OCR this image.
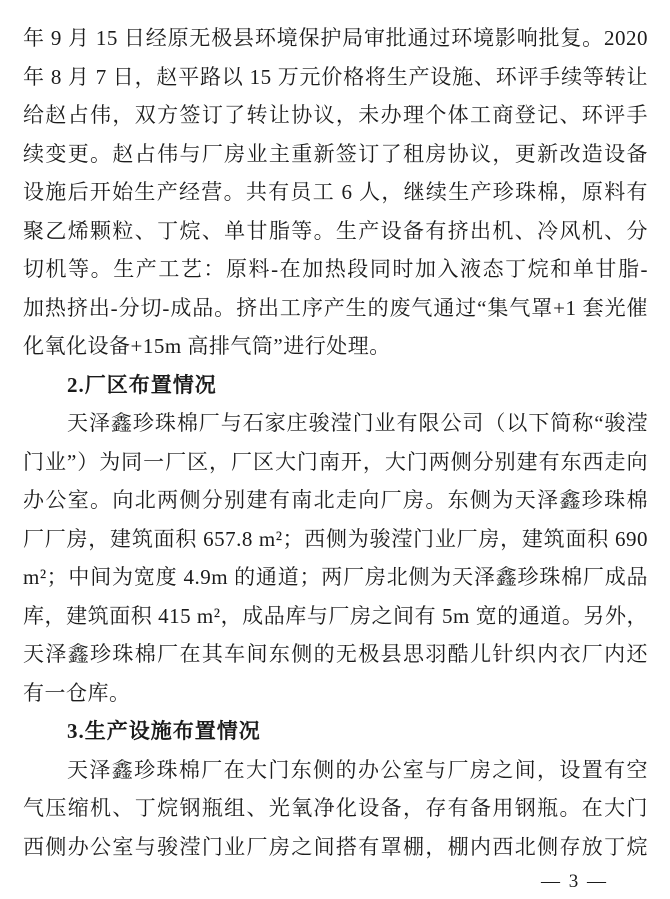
年 9 月 15 日经原无极县环境保护局审批通过环境影响批复。2020
年 8 月 7 日，赵平路以 15 万元价格将生产设施、环评手续等转让
给赵占伟，双方签订了转让协议，未办理个体工商登记、环评手
续变更。赵占伟与厂房业主重新签订了租房协议，更新改造设备
设施后开始生产经营。共有员工 6 人，继续生产珍珠棉，原料有
聚乙烯颗粒、丁烷、单甘脂等。生产设备有挤出机、冷风机、分
切机等。生产工艺：原料-在加热段同时加入液态丁烷和单甘脂-
加热挤出-分切-成品。挤出工序产生的废气通过“集气罩+1 套光催
化氧化设备+15m 高排气筒”进行处理。
2.厂区布置情况
天泽鑫珍珠棉厂与石家庄骏滢门业有限公司（以下简称“骏滢
门业”）为同一厂区，厂区大门南开，大门两侧分别建有东西走向
办公室。向北两侧分别建有南北走向厂房。东侧为天泽鑫珍珠棉
厂厂房，建筑面积 657.8 m²；西侧为骏滢门业厂房，建筑面积 690
m²；中间为宽度 4.9m 的通道；两厂房北侧为天泽鑫珍珠棉厂成品
库，建筑面积 415 m²，成品库与厂房之间有 5m 宽的通道。另外，
天泽鑫珍珠棉厂在其车间东侧的无极县思羽酷儿针织内衣厂内还
有一仓库。
3.生产设施布置情况
天泽鑫珍珠棉厂在大门东侧的办公室与厂房之间，设置有空
气压缩机、丁烷钢瓶组、光氧净化设备，存有备用钢瓶。在大门
西侧办公室与骏滢门业厂房之间搭有罩棚，棚内西北侧存放丁烷
— 3 —
